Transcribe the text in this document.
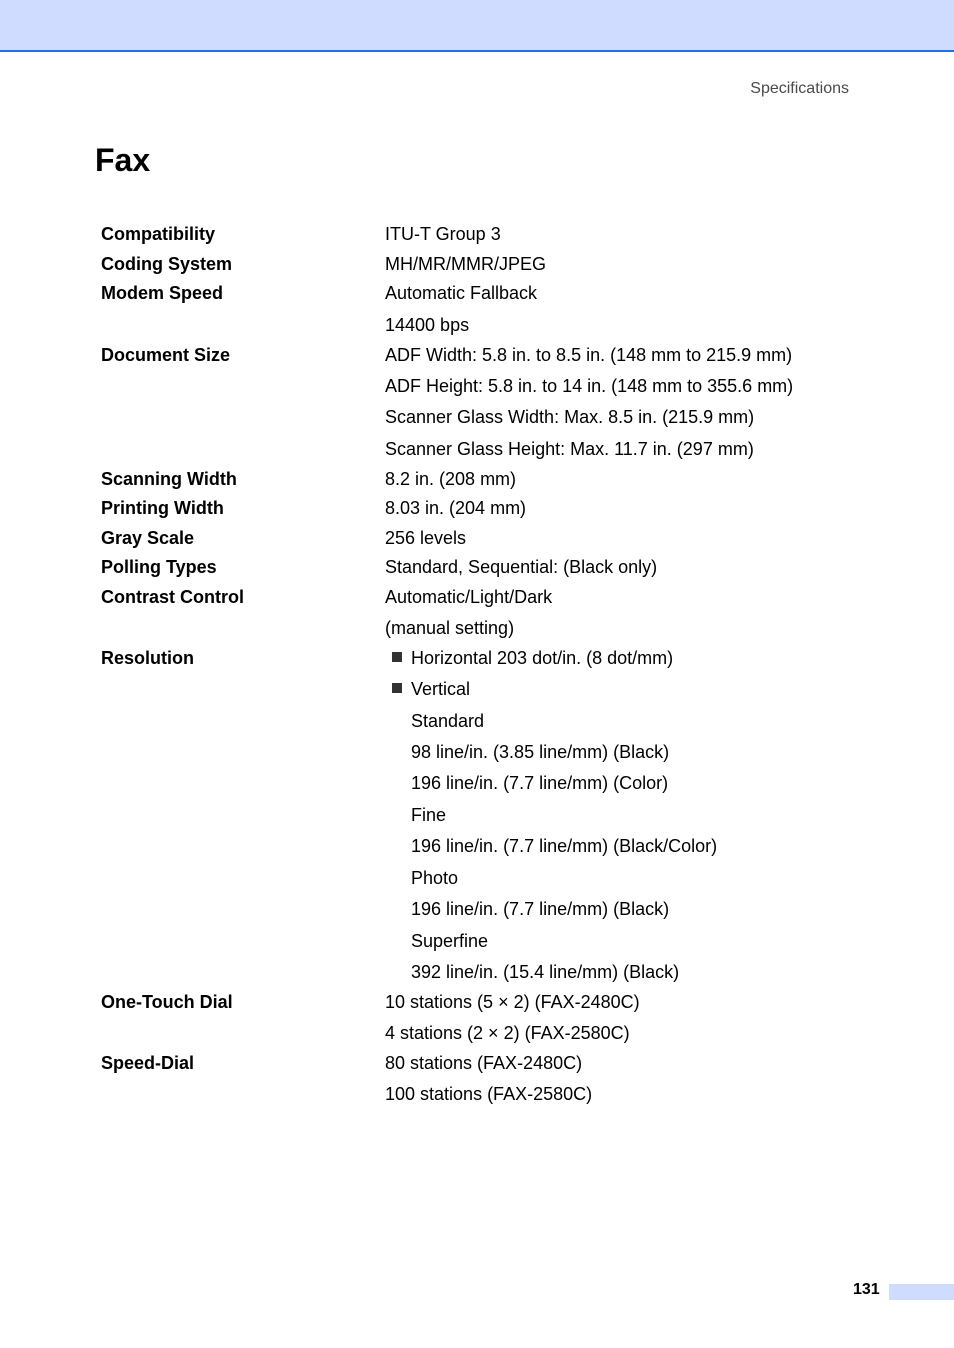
Specifications
Fax
Compatibility	ITU-T Group 3
Coding System	MH/MR/MMR/JPEG
Modem Speed	Automatic Fallback
14400 bps
Document Size	ADF Width: 5.8 in. to 8.5 in. (148 mm to 215.9 mm)
ADF Height: 5.8 in. to 14 in. (148 mm to 355.6 mm)
Scanner Glass Width: Max. 8.5 in. (215.9 mm)
Scanner Glass Height: Max. 11.7 in. (297 mm)
Scanning Width	8.2 in. (208 mm)
Printing Width	8.03 in. (204 mm)
Gray Scale	256 levels
Polling Types	Standard, Sequential: (Black only)
Contrast Control	Automatic/Light/Dark
(manual setting)
Resolution	Horizontal 203 dot/in. (8 dot/mm)
Vertical
Standard
98 line/in. (3.85 line/mm) (Black)
196 line/in. (7.7 line/mm) (Color)
Fine
196 line/in. (7.7 line/mm) (Black/Color)
Photo
196 line/in. (7.7 line/mm) (Black)
Superfine
392 line/in. (15.4 line/mm) (Black)
One-Touch Dial	10 stations (5 × 2) (FAX-2480C)
4 stations (2 × 2) (FAX-2580C)
Speed-Dial	80 stations (FAX-2480C)
100 stations (FAX-2580C)
131
